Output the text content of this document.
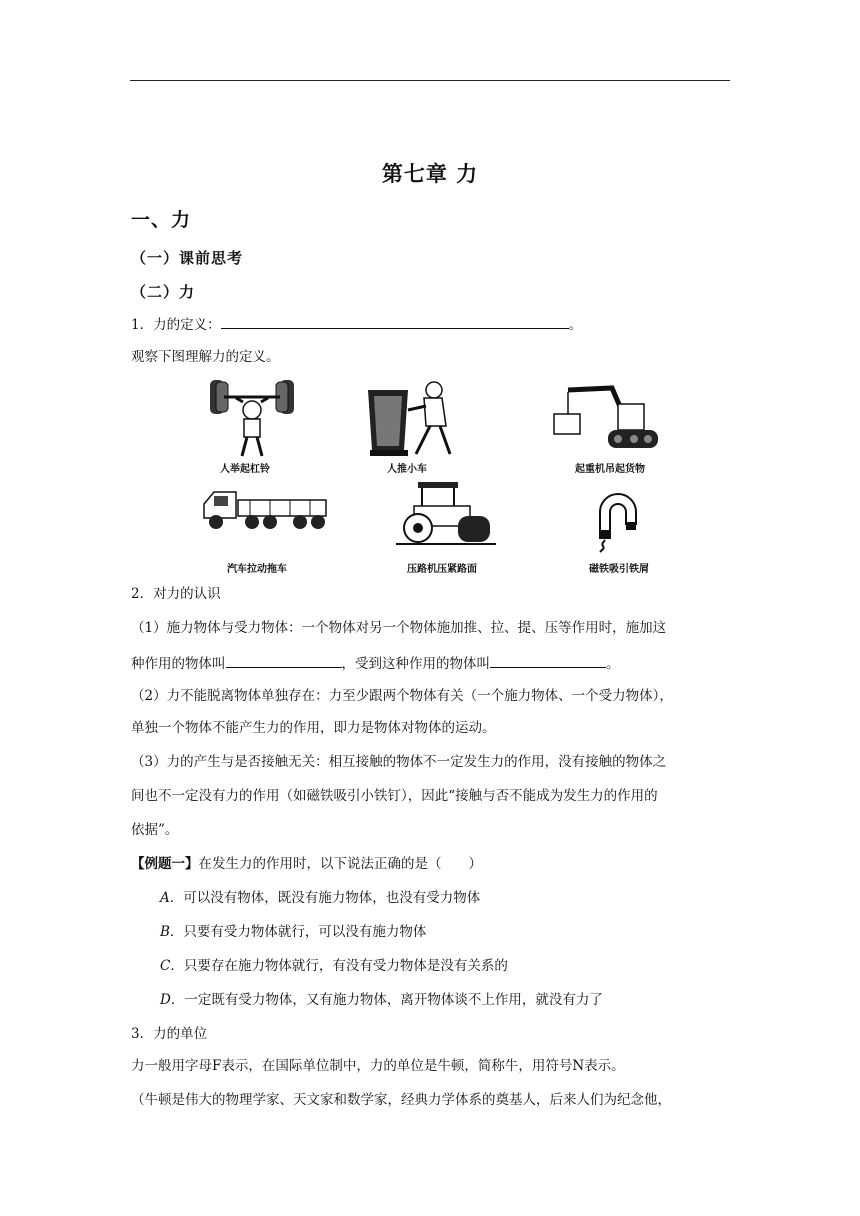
第七章 力
一、力
（一）课前思考
（二）力
1．力的定义：	。
观察下图理解力的定义。
人举起杠铃	人推小车	起重机吊起货物
汽车拉动拖车	压路机压紧路面	磁铁吸引铁屑
2．对力的认识
（1）施力物体与受力物体：一个物体对另一个物体施加推、拉、提、压等作用时，施加这
种作用的物体叫	，受到这种作用的物体叫	。
（2）力不能脱离物体单独存在：力至少跟两个物体有关（一个施力物体、一个受力物体），
单独一个物体不能产生力的作用，即力是物体对物体的运动。
（3）力的产生与是否接触无关：相互接触的物体不一定发生力的作用，没有接触的物体之
间也不一定没有力的作用（如磁铁吸引小铁钉），因此“接触与否不能成为发生力的作用的
依据”。
【例题一】在发生力的作用时，以下说法正确的是（　　）
A．可以没有物体，既没有施力物体，也没有受力物体
B．只要有受力物体就行，可以没有施力物体
C．只要存在施力物体就行，有没有受力物体是没有关系的
D．一定既有受力物体，又有施力物体，离开物体谈不上作用，就没有力了
3．力的单位
力一般用字母F表示，在国际单位制中，力的单位是牛顿，简称牛，用符号N表示。
（牛顿是伟大的物理学家、天文家和数学家，经典力学体系的奠基人，后来人们为纪念他，
